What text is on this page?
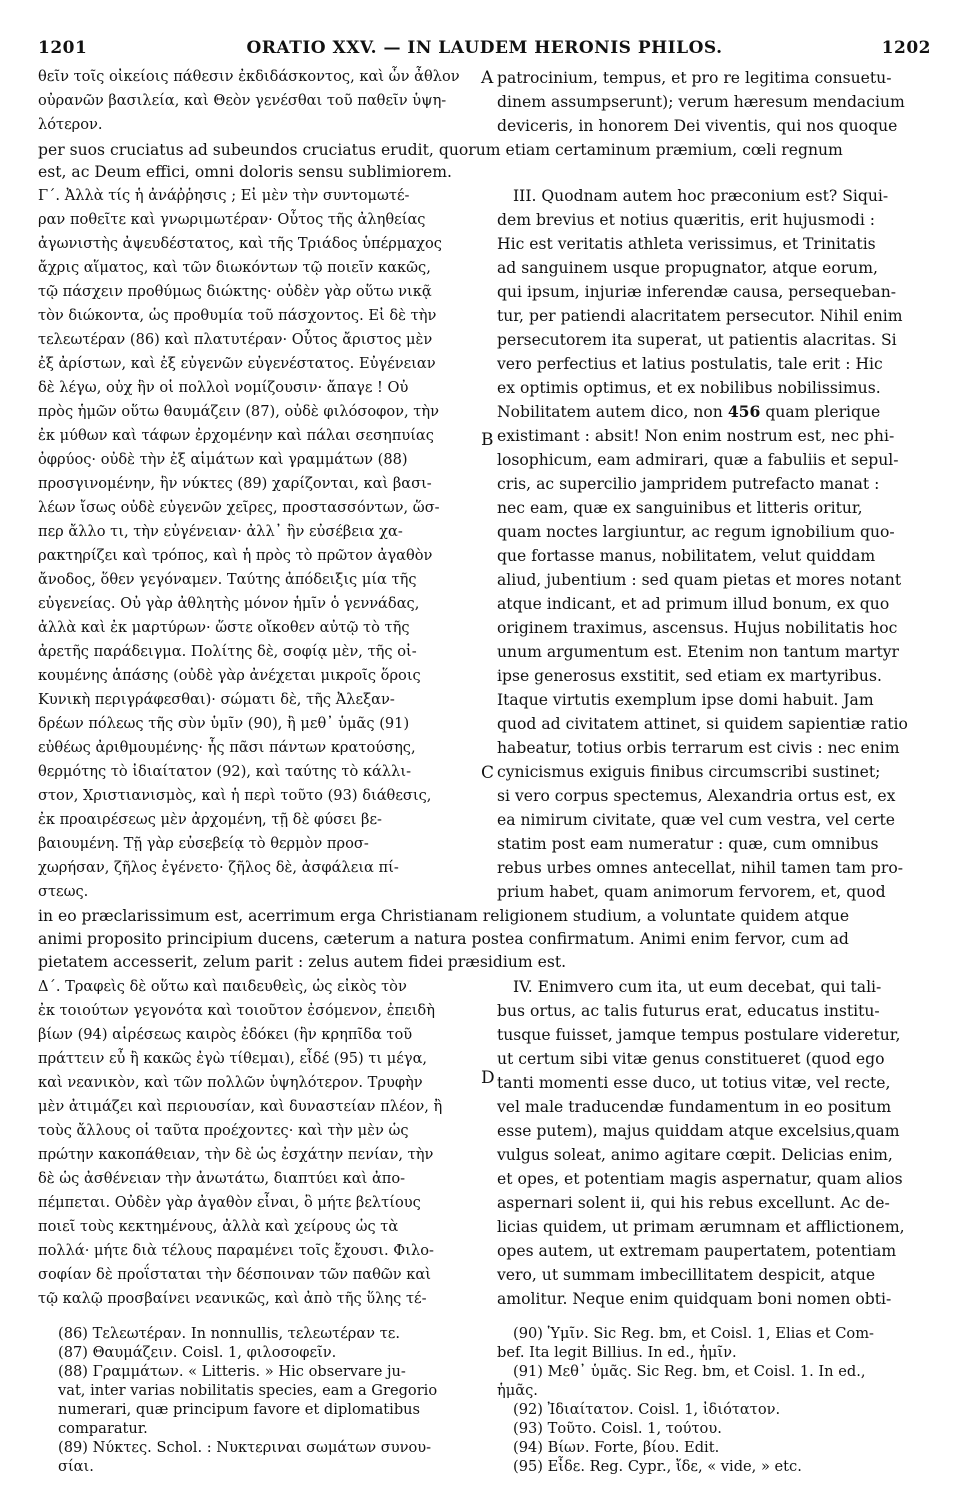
1201	ORATIO XXV. — IN LAUDEM HERONIS PHILOS.	1202
A
B
C
D
θεῖν τοῖς οἰκείοις πάθεσιν ἐκδιδάσκοντος, καὶ ὧν ἆθλον
οὐρανῶν βασιλεία, καὶ Θεὸν γενέσθαι τοῦ παθεῖν ὑψη-
λότερον.
patrocinium, tempus, et pro re legitima consuetu-
dinem assumpserunt); verum hæresum mendacium
deviceris, in honorem Dei viventis, qui nos quoque
per suos cruciatus ad subeundos cruciatus erudit, quorum etiam certaminum præmium, cœli regnum
est, ac Deum effici, omni doloris sensu sublimiorem.
Γ΄. Ἀλλὰ τίς ἡ ἀνάῤῥησις ; Εἰ μὲν τὴν συντομωτέ-
ραν ποθεῖτε καὶ γνωριμωτέραν· Οὗτος τῆς ἀληθείας
ἀγωνιστὴς ἀψευδέστατος, καὶ τῆς Τριάδος ὑπέρμαχος
ἄχρις αἵματος, καὶ τῶν διωκόντων τῷ ποιεῖν κακῶς,
τῷ πάσχειν προθύμως διώκτης· οὐδὲν γὰρ οὕτω νικᾷ
τὸν διώκοντα, ὡς προθυμία τοῦ πάσχοντος. Εἰ δὲ τὴν
τελεωτέραν (86) καὶ πλατυτέραν· Οὗτος ἄριστος μὲν
ἐξ ἀρίστων, καὶ ἐξ εὐγενῶν εὐγενέστατος. Εὐγένειαν
δὲ λέγω, οὐχ ἣν οἱ πολλοὶ νομίζουσιν· ἄπαγε ! Οὐ
πρὸς ἡμῶν οὕτω θαυμάζειν (87), οὐδὲ φιλόσοφον, τὴν
ἐκ μύθων καὶ τάφων ἐρχομένην καὶ πάλαι σεσηπυίας
ὀφρύος· οὐδὲ τὴν ἐξ αἱμάτων καὶ γραμμάτων (88)
προσγινομένην, ἣν νύκτες (89) χαρίζονται, καὶ βασι-
λέων ἴσως οὐδὲ εὐγενῶν χεῖρες, προστασσόντων, ὥσ-
περ ἄλλο τι, τὴν εὐγένειαν· ἀλλ᾽ ἣν εὐσέβεια χα-
ρακτηρίζει καὶ τρόπος, καὶ ἡ πρὸς τὸ πρῶτον ἀγαθὸν
ἄνοδος, ὅθεν γεγόναμεν. Ταύτης ἀπόδειξις μία τῆς
εὐγενείας. Οὐ γὰρ ἀθλητὴς μόνον ἡμῖν ὁ γεννάδας,
ἀλλὰ καὶ ἐκ μαρτύρων· ὥστε οἴκοθεν αὐτῷ τὸ τῆς
ἀρετῆς παράδειγμα. Πολίτης δὲ, σοφίᾳ μὲν, τῆς οἰ-
κουμένης ἁπάσης (οὐδὲ γὰρ ἀνέχεται μικροῖς ὅροις
Κυνικὴ περιγράφεσθαι)· σώματι δὲ, τῆς Ἀλεξαν-
δρέων πόλεως τῆς σὺν ὑμῖν (90), ἢ μεθ᾽ ὑμᾶς (91)
εὐθέως ἀριθμουμένης· ἧς πᾶσι πάντων κρατούσης,
θερμότης τὸ ἰδιαίτατον (92), καὶ ταύτης τὸ κάλλι-
στον, Χριστιανισμὸς, καὶ ἡ περὶ τοῦτο (93) διάθεσις,
ἐκ προαιρέσεως μὲν ἀρχομένη, τῇ δὲ φύσει βε-
βαιουμένη. Τῇ γὰρ εὐσεβείᾳ τὸ θερμὸν προσ-
χωρήσαν, ζῆλος ἐγένετο· ζῆλος δὲ, ἀσφάλεια πί-
στεως.
III. Quodnam autem hoc præconium est? Siqui-
dem brevius et notius quæritis, erit hujusmodi :
Hic est veritatis athleta verissimus, et Trinitatis
ad sanguinem usque propugnator, atque eorum,
qui ipsum, injuriæ inferendæ causa, persequeban-
tur, per patiendi alacritatem persecutor. Nihil enim
persecutorem ita superat, ut patientis alacritas. Si
vero perfectius et latius postulatis, tale erit : Hic
ex optimis optimus, et ex nobilibus nobilissimus.
Nobilitatem autem dico, non 456 quam plerique
existimant : absit! Non enim nostrum est, nec phi-
losophicum, eam admirari, quæ a fabuliis et sepul-
cris, ac supercilio jampridem putrefacto manat :
nec eam, quæ ex sanguinibus et litteris oritur,
quam noctes largiuntur, ac regum ignobilium quo-
que fortasse manus, nobilitatem, velut quiddam
aliud, jubentium : sed quam pietas et mores notant
atque indicant, et ad primum illud bonum, ex quo
originem traximus, ascensus. Hujus nobilitatis hoc
unum argumentum est. Etenim non tantum martyr
ipse generosus exstitit, sed etiam ex martyribus.
Itaque virtutis exemplum ipse domi habuit. Jam
quod ad civitatem attinet, si quidem sapientiæ ratio
habeatur, totius orbis terrarum est civis : nec enim
cynicismus exiguis finibus circumscribi sustinet;
si vero corpus spectemus, Alexandria ortus est, ex
ea nimirum civitate, quæ vel cum vestra, vel certe
statim post eam numeratur : quæ, cum omnibus
rebus urbes omnes antecellat, nihil tamen tam pro-
prium habet, quam animorum fervorem, et, quod
in eo præclarissimum est, acerrimum erga Christianam religionem studium, a voluntate quidem atque
animi proposito principium ducens, cæterum a natura postea confirmatum. Animi enim fervor, cum ad
pietatem accesserit, zelum parit : zelus autem fidei præsidium est.
Δ΄. Τραφεὶς δὲ οὕτω καὶ παιδευθεὶς, ὡς εἰκὸς τὸν
ἐκ τοιούτων γεγονότα καὶ τοιοῦτον ἐσόμενον, ἐπειδὴ
βίων (94) αἱρέσεως καιρὸς ἐδόκει (ἣν κρηπῖδα τοῦ
πράττειν εὖ ἢ κακῶς ἐγὼ τίθεμαι), εἶδέ (95) τι μέγα,
καὶ νεανικὸν, καὶ τῶν πολλῶν ὑψηλότερον. Τρυφὴν
μὲν ἀτιμάζει καὶ περιουσίαν, καὶ δυναστείαν πλέον, ἢ
τοὺς ἄλλους οἱ ταῦτα προέχοντες· καὶ τὴν μὲν ὡς
πρώτην κακοπάθειαν, τὴν δὲ ὡς ἐσχάτην πενίαν, τὴν
δὲ ὡς ἀσθένειαν τὴν ἀνωτάτω, διαπτύει καὶ ἀπο-
πέμπεται. Οὐδὲν γὰρ ἀγαθὸν εἶναι, ὃ μήτε βελτίους
ποιεῖ τοὺς κεκτημένους, ἀλλὰ καὶ χείρους ὡς τὰ
πολλά· μήτε διὰ τέλους παραμένει τοῖς ἔχουσι. Φιλο-
σοφίαν δὲ προΐσταται τὴν δέσποιναν τῶν παθῶν καὶ
τῷ καλῷ προσβαίνει νεανικῶς, καὶ ἀπὸ τῆς ὕλης τέ-
IV. Enimvero cum ita, ut eum decebat, qui tali-
bus ortus, ac talis futurus erat, educatus institu-
tusque fuisset, jamque tempus postulare videretur,
ut certum sibi vitæ genus constitueret (quod ego
tanti momenti esse duco, ut totius vitæ, vel recte,
vel male traducendæ fundamentum in eo positum
esse putem), majus quiddam atque excelsius,quam
vulgus soleat, animo agitare cœpit. Delicias enim,
et opes, et potentiam magis aspernatur, quam alios
aspernari solent ii, qui his rebus excellunt. Ac de-
licias quidem, ut primam ærumnam et afflictionem,
opes autem, ut extremam paupertatem, potentiam
vero, ut summam imbecillitatem despicit, atque
amolitur. Neque enim quidquam boni nomen obti-
(86) Τελεωτέραν. In nonnullis, τελεωτέραν τε.
(87) Θαυμάζειν. Coisl. 1, φιλοσοφεῖν.
(88) Γραμμάτων. « Litteris. » Hic observare ju-
vat, inter varias nobilitatis species, eam a Gregorio
numerari, quæ principum favore et diplomatibus
comparatur.
(89) Νύκτες. Schol. : Νυκτεριναι σωμάτων συνου-
σίαι.
(90) Ὑμῖν. Sic Reg. bm, et Coisl. 1, Elias et Com-
bef. Ita legit Billius. In ed., ἡμῖν.
(91) Μεθ᾽ ὑμᾶς. Sic Reg. bm, et Coisl. 1. In ed.,
ἡμᾶς.
(92) Ἰδιαίτατον. Coisl. 1, ἰδιότατον.
(93) Τοῦτο. Coisl. 1, τούτου.
(94) Βίων. Forte, βίου. Edit.
(95) Εἶδε. Reg. Cypr., ἴδε, « vide, » etc.
